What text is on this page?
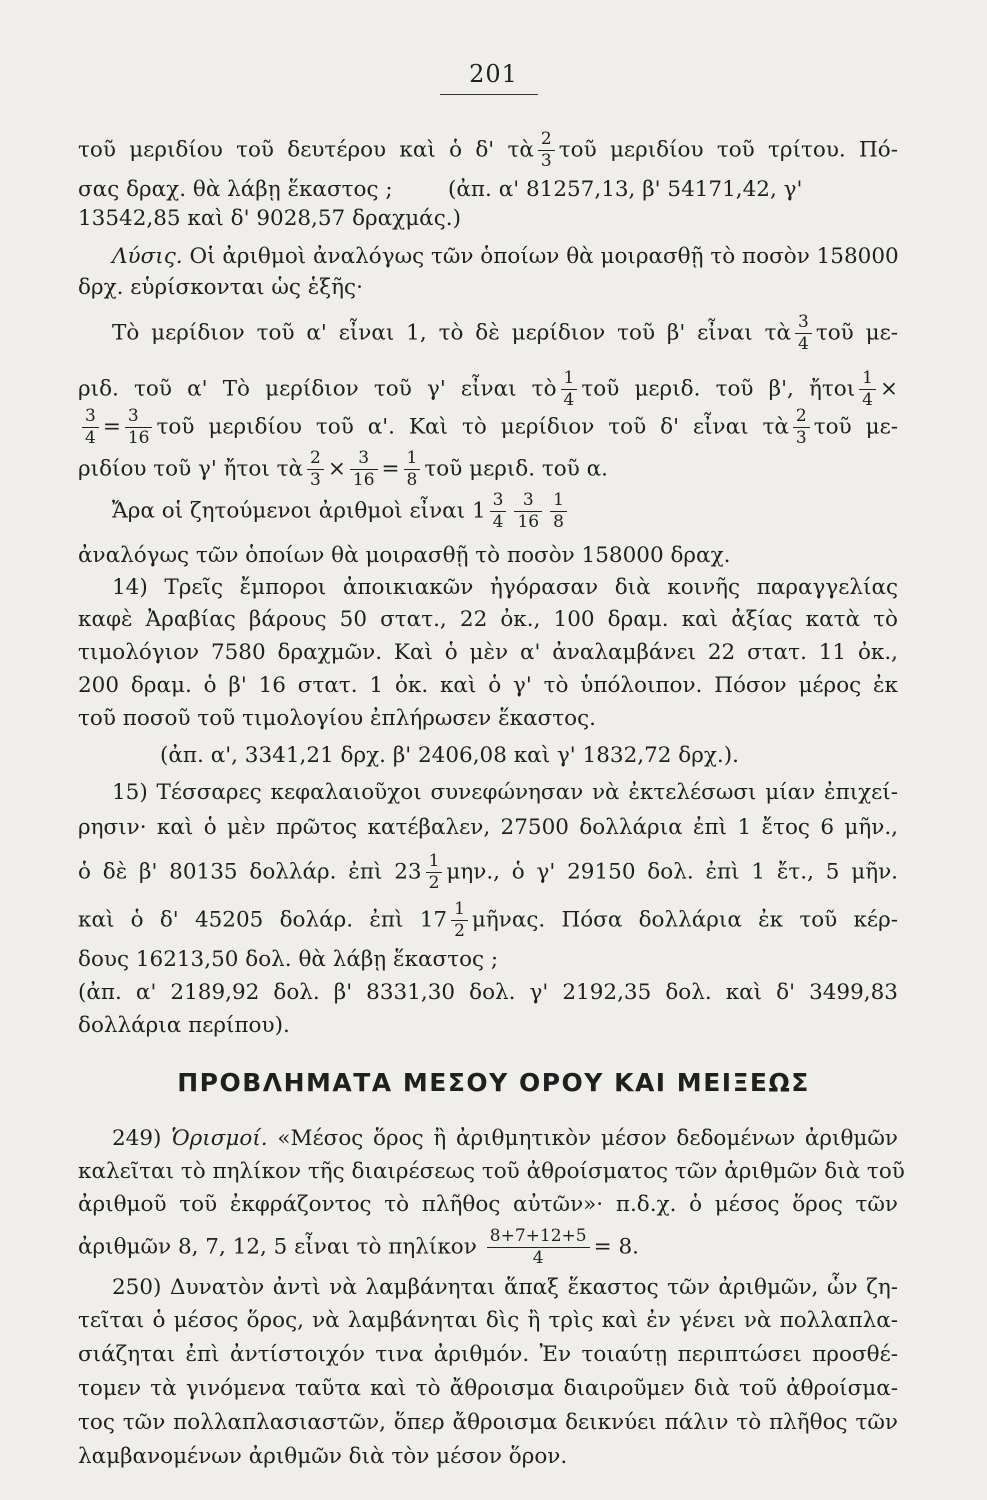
201
τοῦ μεριδίου τοῦ δευτέρου καὶ ὁ δ' τὰ $\frac{2}{3}$ τοῦ μεριδίου τοῦ τρίτου. Πό-
σας δραχ. θὰ λάβῃ ἕκαστος ;	(ἀπ. α' 81257,13, β' 54171,42, γ'
13542,85 καὶ δ' 9028,57 δραχμάς.)
Λύσις. Οἱ ἀριθμοὶ ἀναλόγως τῶν ὁποίων θὰ μοιρασθῇ τὸ ποσὸν 158000
δρχ. εὑρίσκονται ὡς ἑξῆς·
Τὸ μερίδιον τοῦ α' εἶναι 1, τὸ δὲ μερίδιον τοῦ β' εἶναι τὰ $\frac{3}{4}$ τοῦ με-
ριδ. τοῦ α' Τὸ μερίδιον τοῦ γ' εἶναι τὸ $\frac{1}{4}$ τοῦ μεριδ. τοῦ β', ἤτοι $\frac{1}{4}$ ×
$\frac{3}{4} = \frac{3}{16}$ τοῦ μεριδίου τοῦ α'. Καὶ τὸ μερίδιον τοῦ δ' εἶναι τὰ $\frac{2}{3}$ τοῦ με-
ριδίου τοῦ γ' ἤτοι τὰ $\frac{2}{3} \times \frac{3}{16} = \frac{1}{8}$ τοῦ μεριδ. τοῦ α.
Ἄρα οἱ ζητούμενοι ἀριθμοὶ εἶναι $1 \frac{3}{4} \frac{3}{16} \frac{1}{8}$
ἀναλόγως τῶν ὁποίων θὰ μοιρασθῇ τὸ ποσὸν 158000 δραχ.
14) Τρεῖς ἔμποροι ἀποικιακῶν ἠγόρασαν διὰ κοινῆς παραγγελίας
καφὲ Ἀραβίας βάρους 50 στατ., 22 ὀκ., 100 δραμ. καὶ ἀξίας κατὰ τὸ
τιμολόγιον 7580 δραχμῶν. Καὶ ὁ μὲν α' ἀναλαμβάνει 22 στατ. 11 ὀκ.,
200 δραμ. ὁ β' 16 στατ. 1 ὀκ. καὶ ὁ γ' τὸ ὑπόλοιπον. Πόσον μέρος ἐκ
τοῦ ποσοῦ τοῦ τιμολογίου ἐπλήρωσεν ἕκαστος.
(ἀπ. α', 3341,21 δρχ. β' 2406,08 καὶ γ' 1832,72 δρχ.).
15) Τέσσαρες κεφαλαιοῦχοι συνεφώνησαν νὰ ἐκτελέσωσι μίαν ἐπιχεί-
ρησιν· καὶ ὁ μὲν πρῶτος κατέβαλεν, 27500 δολλάρια ἐπὶ 1 ἔτος 6 μῆν.,
ὁ δὲ β' 80135 δολλάρ. ἐπὶ $23 \frac{1}{2} \mu\eta\nu$., ὁ γ' 29150 δολ. ἐπὶ 1 ἔτ., 5 μῆν.
καὶ ὁ δ' 45205 δολάρ. ἐπὶ $17 \frac{1}{2}$ μῆνας. Πόσα δολλάρια ἐκ τοῦ κέρ-
δους 16213,50 δολ. θὰ λάβῃ ἕκαστος ;
(ἀπ. α' 2189,92 δολ. β' 8331,30 δολ. γ' 2192,35 δολ. καὶ δ' 3499,83
δολλάρια περίπου).
ΠΡΟΒΛΗΜΑΤΑ ΜΕΣΟΥ ΟΡΟΥ ΚΑΙ ΜΕΙΞΕΩΣ
249) Ὁρισμοί. «Μέσος ὅρος ἢ ἀριθμητικὸν μέσον δεδομένων ἀριθμῶν
καλεῖται τὸ πηλίκον τῆς διαιρέσεως τοῦ ἀθροίσματος τῶν ἀριθμῶν διὰ τοῦ
ἀριθμοῦ τοῦ ἐκφράζοντος τὸ πλῆθος αὐτῶν»· π.δ.χ. ὁ μέσος ὅρος τῶν
ἀριθμῶν 8, 7, 12, 5 εἶναι τὸ πηλίκον $\frac{8+7+12+5}{4} = 8$.
250) Δυνατὸν ἀντὶ νὰ λαμβάνηται ἅπαξ ἕκαστος τῶν ἀριθμῶν, ὧν ζη-
τεῖται ὁ μέσος ὅρος, νὰ λαμβάνηται δὶς ἢ τρὶς καὶ ἐν γένει νὰ πολλαπλα-
σιάζηται ἐπὶ ἀντίστοιχόν τινα ἀριθμόν. Ἐν τοιαύτῃ περιπτώσει προσθέ-
τομεν τὰ γινόμενα ταῦτα καὶ τὸ ἄθροισμα διαιροῦμεν διὰ τοῦ ἀθροίσμα-
τος τῶν πολλαπλασιαστῶν, ὅπερ ἄθροισμα δεικνύει πάλιν τὸ πλῆθος τῶν
λαμβανομένων ἀριθμῶν διὰ τὸν μέσον ὅρον.
